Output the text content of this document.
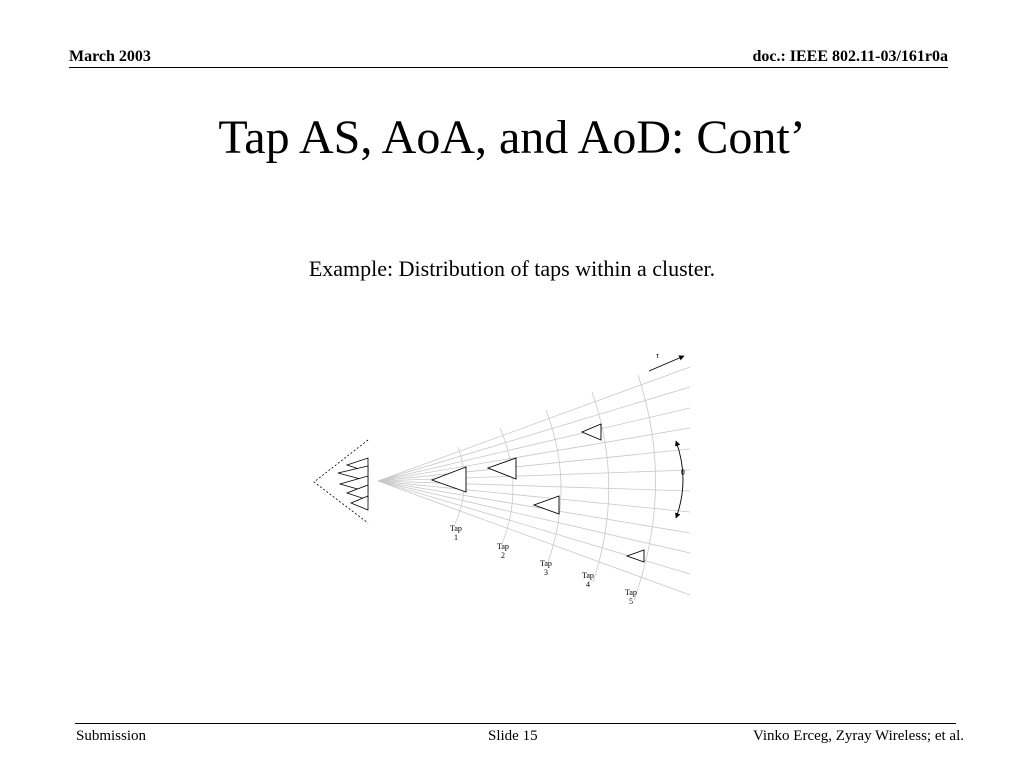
March 2003	doc.: IEEE 802.11-03/161r0a
Tap AS, AoA, and AoD: Cont’
Example: Distribution of taps within a cluster.
τ
θ
Tap 1
Tap 2
Tap 3	Tap 4
Tap 5
Submission	Slide 15	Vinko Erceg, Zyray Wireless; et al.
